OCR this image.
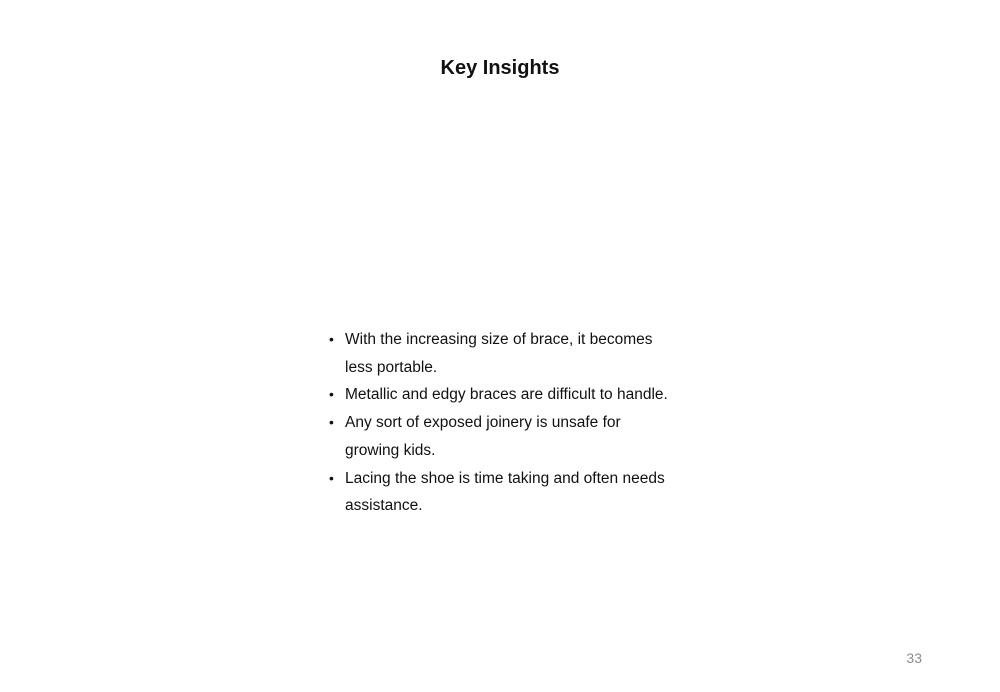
Key Insights
• With the increasing size of brace, it becomes less portable.
• Metallic and edgy braces are difficult to handle.
• Any sort of exposed joinery is unsafe for growing kids.
• Lacing the shoe is time taking and often needs assistance.

33
